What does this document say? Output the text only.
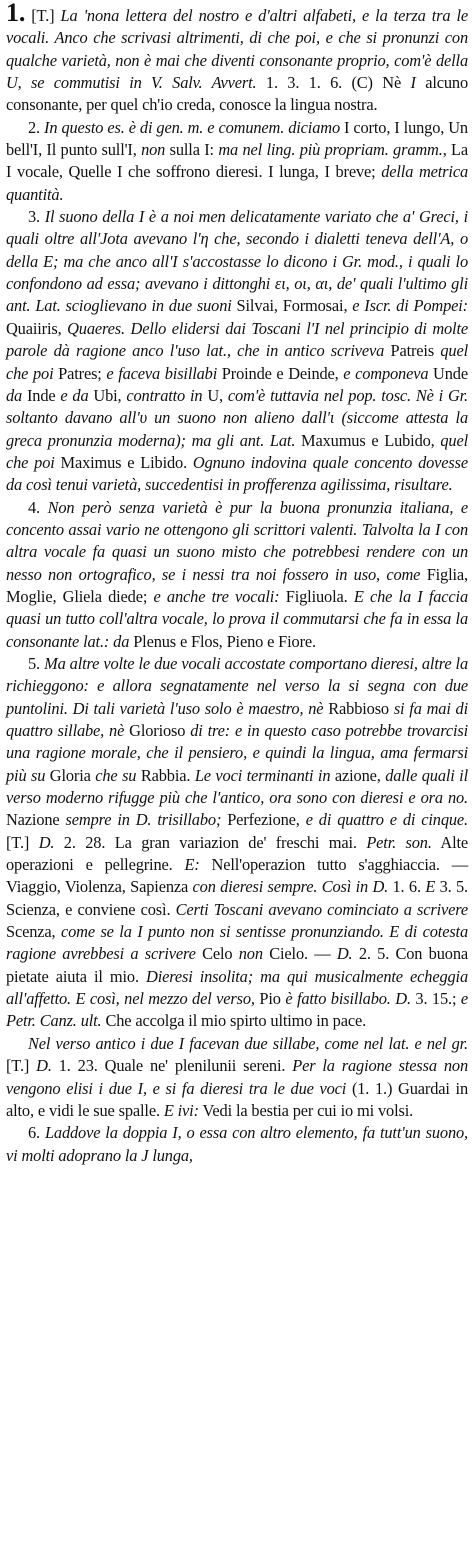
1. [T.] La 'nona lettera del nostro e d'altri alfabeti, e la terza tra le vocali. Anco che scrivasi altrimenti, di che poi, e che si pronunzi con qualche varietà, non è mai che diventi consonante proprio, com'è della U, se commutisi in V. Salv. Avvert. 1. 3. 1. 6. (C) Nè I alcuno consonante, per quel ch'io creda, conosce la lingua nostra.

2. In questo es. è di gen. m. e comunem. diciamo I corto, I lungo, Un bell'I, Il punto sull'I, non sulla I: ma nel ling. più propriam. gramm., La I vocale, Quelle I che soffrono dieresi. I lunga, I breve; della metrica quantità.

3. Il suono della I è a noi men delicatamente variato che a' Greci, i quali oltre all'Jota avevano l'η che, secondo i dialetti teneva dell'A, o della E; ma che anco all'I s'accostasse lo dicono i Gr. mod., i quali lo confondono ad essa; avevano i dittonghi ει, οι, αι, de' quali l'ultimo gli ant. Lat. scioglievano in due suoni Silvai, Formosai, e Iscr. di Pompei: Quaiiris, Quaeres. Dello elidersi dai Toscani l'I nel principio di molte parole dà ragione anco l'uso lat., che in antico scriveva Patreis quel che poi Patres; e faceva bisillabi Proinde e Deinde, e componeva Unde da Inde e da Ubi, contratto in U, com'è tuttavia nel pop. tosc. Nè i Gr. soltanto davano all'υ un suono non alieno dall'ι (siccome attesta la greca pronunzia moderna); ma gli ant. Lat. Maxumus e Lubido, quel che poi Maximus e Libido. Ognuno indovina quale concento dovesse da così tenui varietà, succedentisi in profferenza agilissima, risultare.

4. Non però senza varietà è pur la buona pronunzia italiana, e concento assai vario ne ottengono gli scrittori valenti. Talvolta la I con altra vocale fa quasi un suono misto che potrebbesi rendere con un nesso non ortografico, se i nessi tra noi fossero in uso, come Figlia, Moglie, Gliela diede; e anche tre vocali: Figliuola. E che la I faccia quasi un tutto coll'altra vocale, lo prova il commutarsi che fa in essa la consonante lat.: da Plenus e Flos, Pieno e Fiore.

5. Ma altre volte le due vocali accostate comportano dieresi, altre la richieggono: e allora segnatamente nel verso la si segna con due puntolini. Di tali varietà l'uso solo è maestro, nè Rabbioso si fa mai di quattro sillabe, nè Glorioso di tre: e in questo caso potrebbe trovarcisi una ragione morale, che il pensiero, e quindi la lingua, ama fermarsi più su Gloria che su Rabbia. Le voci terminanti in azione, dalle quali il verso moderno rifugge più che l'antico, ora sono con dieresi e ora no. Nazione sempre in D. trisillabo; Perfezione, e di quattro e di cinque. [T.] D. 2. 28. La gran variazion de' freschi mai. Petr. son. Alte operazioni e pellegrine. E: Nell'operazion tutto s'agghiaccia. — Viaggio, Violenza, Sapienza con dieresi sempre. Così in D. 1. 6. E 3. 5. Scienza, e conviene così. Certi Toscani avevano cominciato a scrivere Scenza, come se la I punto non si sentisse pronunziando. E di cotesta ragione avrebbesi a scrivere Celo non Cielo. — D. 2. 5. Con buona pietate aiuta il mio. Dieresi insolita; ma qui musicalmente echeggia all'affetto. E così, nel mezzo del verso, Pio è fatto bisillabo. D. 3. 15.; e Petr. Canz. ult. Che accolga il mio spirto ultimo in pace.

Nel verso antico i due I facevan due sillabe, come nel lat. e nel gr. [T.] D. 1. 23. Quale ne' plenilunii sereni. Per la ragione stessa non vengono elisi i due I, e si fa dieresi tra le due voci (1. 1.) Guardai in alto, e vidi le sue spalle. E ivi: Vedi la bestia per cui io mi volsi.

6. Laddove la doppia I, o essa con altro elemento, fa tutt'un suono, vi molti adoprano la J lunga,
